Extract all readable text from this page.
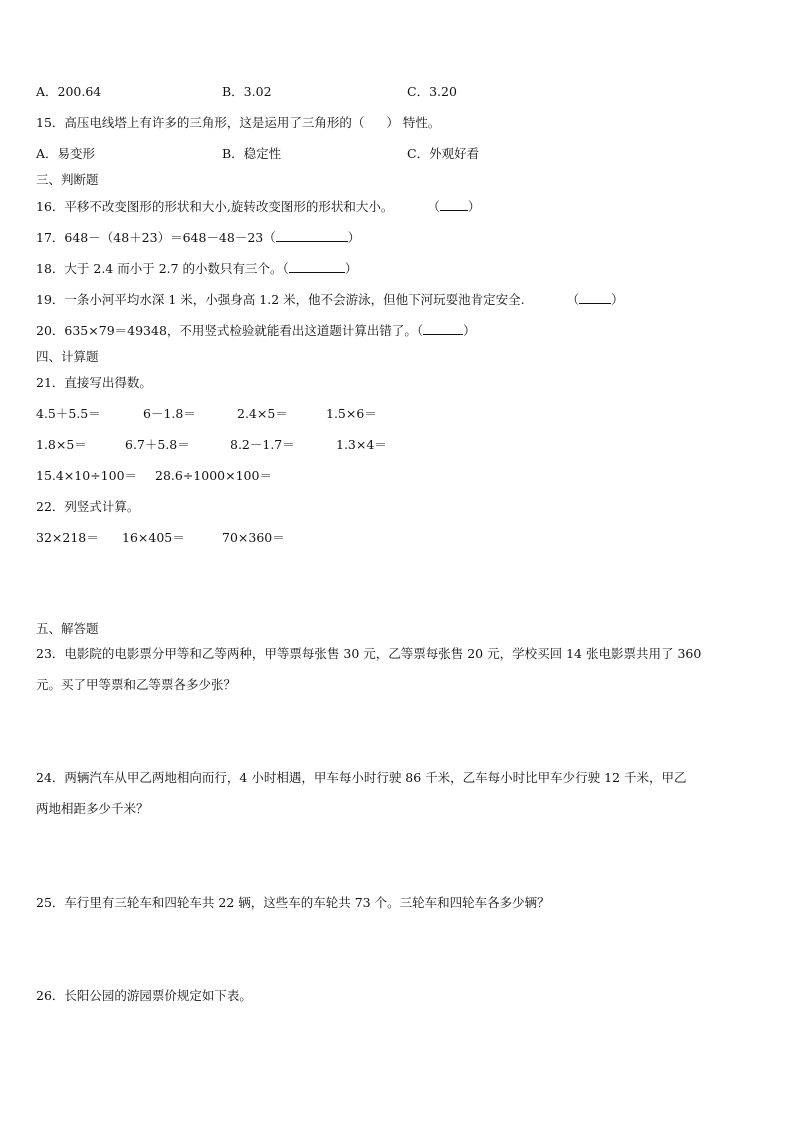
A．200.64	B．3.02	C．3.20
15．高压电线塔上有许多的三角形，这是运用了三角形的（ ） 特性。
A．易变形	B．稳定性	C．外观好看
三、判断题
16．平移不改变图形的形状和大小,旋转改变图形的形状和大小。	（ ）
17．648－（48＋23）＝648－48－23（	）
18．大于 2.4 而小于 2.7 的小数只有三个。（	）
19．一条小河平均水深 1 米，小强身高 1.2 米，他不会游泳，但他下河玩耍池肯定安全.	（	）
20．635×79＝49348，不用竖式检验就能看出这道题计算出错了。（	）
四、计算题
21．直接写出得数。
4.5＋5.5＝	6－1.8＝	2.4×5＝	1.5×6＝
1.8×5＝	6.7＋5.8＝	8.2－1.7＝	1.3×4＝
15.4×10÷100＝ 28.6÷1000×100＝
22．列竖式计算。
32×218＝ 16×405＝	70×360＝
五、解答题
23．电影院的电影票分甲等和乙等两种，甲等票每张售 30 元，乙等票每张售 20 元，学校买回 14 张电影票共用了 360
元。买了甲等票和乙等票各多少张？
24．两辆汽车从甲乙两地相向而行，4 小时相遇，甲车每小时行驶 86 千米，乙车每小时比甲车少行驶 12 千米，甲乙
两地相距多少千米？
25．车行里有三轮车和四轮车共 22 辆，这些车的车轮共 73 个。三轮车和四轮车各多少辆？
26．长阳公园的游园票价规定如下表。
